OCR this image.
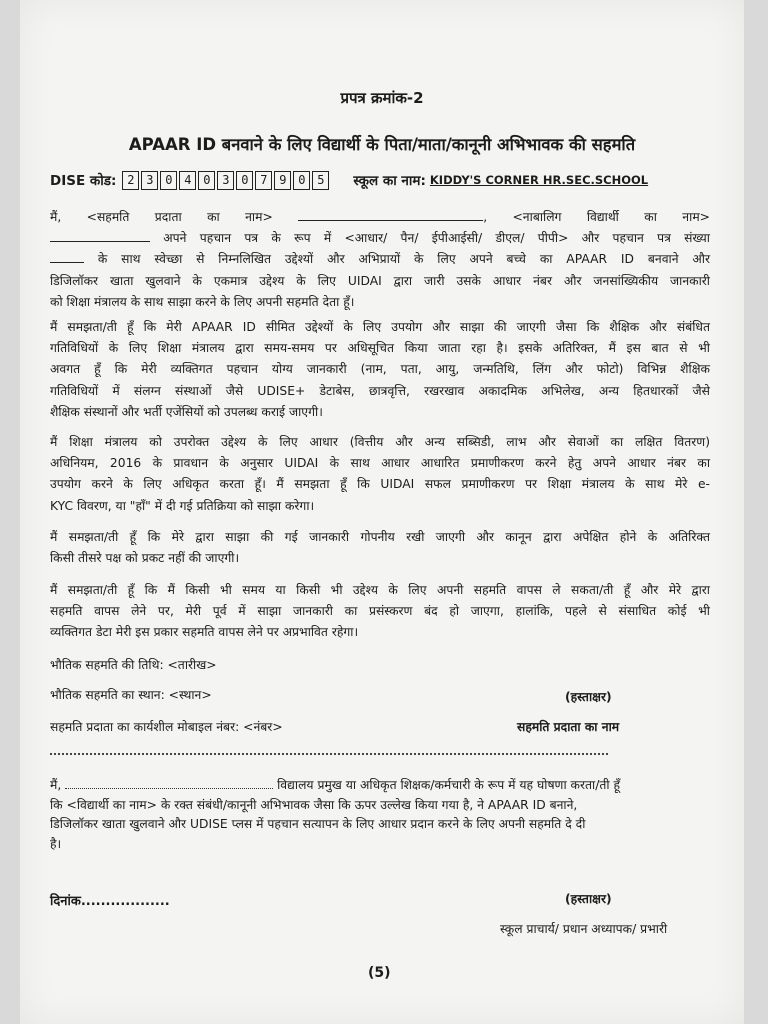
प्रपत्र क्रमांक-2
APAAR ID बनवाने के लिए विद्यार्थी के पिता/माता/कानूनी अभिभावक की सहमति
DISE कोड: 2 3 0 4 0 3 0 7 9 0 5	स्कूल का नाम: KIDDY'S CORNER HR.SEC.SCHOOL
मैं, <सहमति प्रदाता का नाम>	, <नाबालिग विद्यार्थी का नाम>
अपने पहचान पत्र के रूप में <आधार/ पैन/ ईपीआईसी/ डीएल/ पीपी> और पहचान पत्र संख्या
के साथ स्वेच्छा से निम्नलिखित उद्देश्यों और अभिप्रायों के लिए अपने बच्चे का APAAR ID बनवाने और
डिजिलॉकर खाता खुलवाने के एकमात्र उद्देश्य के लिए UIDAI द्वारा जारी उसके आधार नंबर और जनसांख्यिकीय जानकारी
को शिक्षा मंत्रालय के साथ साझा करने के लिए अपनी सहमति देता हूँ।
मैं समझता/ती हूँ कि मेरी APAAR ID सीमित उद्देश्यों के लिए उपयोग और साझा की जाएगी जैसा कि शैक्षिक और संबंधित
गतिविधियों के लिए शिक्षा मंत्रालय द्वारा समय-समय पर अधिसूचित किया जाता रहा है। इसके अतिरिक्त, मैं इस बात से भी
अवगत हूँ कि मेरी व्यक्तिगत पहचान योग्य जानकारी (नाम, पता, आयु, जन्मतिथि, लिंग और फोटो) विभिन्न शैक्षिक
गतिविधियों में संलग्न संस्थाओं जैसे UDISE+ डेटाबेस, छात्रवृत्ति, रखरखाव अकादमिक अभिलेख, अन्य हितधारकों जैसे
शैक्षिक संस्थानों और भर्ती एजेंसियों को उपलब्ध कराई जाएगी।
मैं शिक्षा मंत्रालय को उपरोक्त उद्देश्य के लिए आधार (वित्तीय और अन्य सब्सिडी, लाभ और सेवाओं का लक्षित वितरण)
अधिनियम, 2016 के प्रावधान के अनुसार UIDAI के साथ आधार आधारित प्रमाणीकरण करने हेतु अपने आधार नंबर का
उपयोग करने के लिए अधिकृत करता हूँ। मैं समझता हूँ कि UIDAI सफल प्रमाणीकरण पर शिक्षा मंत्रालय के साथ मेरे e-
KYC विवरण, या "हाँ" में दी गई प्रतिक्रिया को साझा करेगा।
मैं समझता/ती हूँ कि मेरे द्वारा साझा की गई जानकारी गोपनीय रखी जाएगी और कानून द्वारा अपेक्षित होने के अतिरिक्त
किसी तीसरे पक्ष को प्रकट नहीं की जाएगी।
मैं समझता/ती हूँ कि मैं किसी भी समय या किसी भी उद्देश्य के लिए अपनी सहमति वापस ले सकता/ती हूँ और मेरे द्वारा
सहमति वापस लेने पर, मेरी पूर्व में साझा जानकारी का प्रसंस्करण बंद हो जाएगा, हालांकि, पहले से संसाधित कोई भी
व्यक्तिगत डेटा मेरी इस प्रकार सहमति वापस लेने पर अप्रभावित रहेगा।
भौतिक सहमति की तिथि: <तारीख>
भौतिक सहमति का स्थान: <स्थान>
सहमति प्रदाता का कार्यशील मोबाइल नंबर: <नंबर>
(हस्ताक्षर)
सहमति प्रदाता का नाम
मैं,	विद्यालय प्रमुख या अधिकृत शिक्षक/कर्मचारी के रूप में यह घोषणा करता/ती हूँ
कि <विद्यार्थी का नाम> के रक्त संबंधी/कानूनी अभिभावक जैसा कि ऊपर उल्लेख किया गया है, ने APAAR ID बनाने,
डिजिलॉकर खाता खुलवाने और UDISE प्लस में पहचान सत्यापन के लिए आधार प्रदान करने के लिए अपनी सहमति दे दी
है।
दिनांक..................	(हस्ताक्षर)
स्कूल प्राचार्य/ प्रधान अध्यापक/ प्रभारी
(5)
